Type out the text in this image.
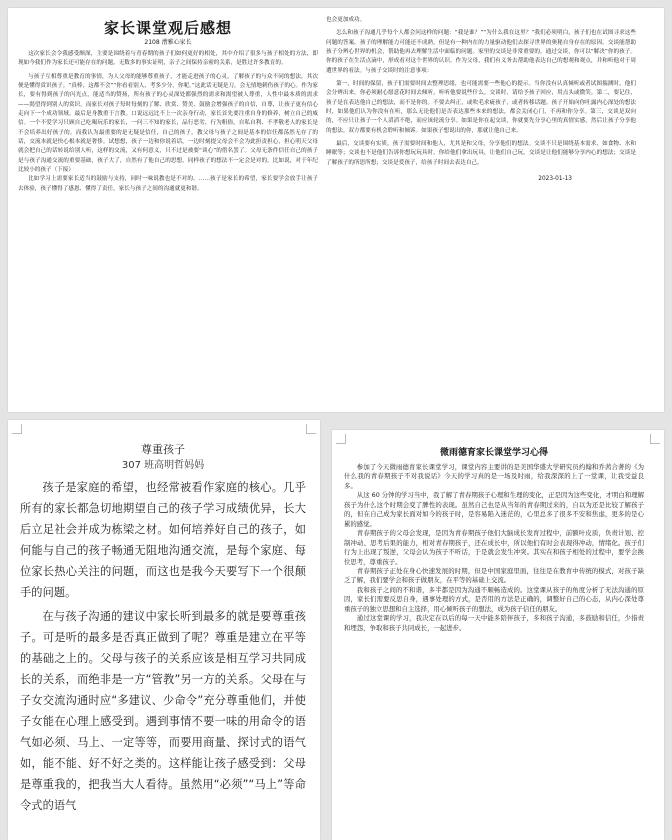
家长课堂观后感想
2108 漕雅心家长

这次家长会令我感受颇深，主要是围绕着与青春期的孩子们如何更好的相处，其中介绍了很多与孩子相处的方法，即现如今我们作为家长还可能存在的问题。无数多的事实证明，亲子之间保持亲密的关系，是胜过许多教育的。

与孩子互相尊重是教育的事情，为人父母的能够尊重孩子，才能走进孩子的心灵，了解孩子的与众不同的想法。其次便是懂得赏识孩子。“真棒，这都不会”“你看看别人，考多少分，你呢。”这此话无疑是刀，会无情地刺伤孩子的心。作为家长，要有得到孩子的闪光点，能适当的赞扬，所有孩子的心灵深处都强烈的需求和渴望被人尊重，人性中最本质的需求——渴望得到别人的赏识。而家长对孩子每时每刻的了解、欣赏、赞美、鼓励会增强孩子的自信，自尊，让孩子更有信心走向下一个成功领域。最后是身教重于言教。口说远远比不上一次亲身行动，家长首先要注重自身的修养，树立自己的威信。一个不爱学习只顾自己吃喝玩乐的家长，一问三不知的家长，品行恶劣，行为粗俗，自私自利、不孝敬老人的家长是不会培养出好孩子的。而我认为最重要的是无疑是信任，自己的孩子，教父母与孩子之间是基本的信任都荡然无存了的话，交流本就是快心根本就是奢侈。试想想，孩子一边和你说着话，一边时刻提父母会不会为此担责担心，担心明天父母就会把自己的话转说给别人听，这样的交流，又有何意义，只不过是被要“谈心”的借名罢了。父母无条件信任自己的孩子是与孩子沟通交流的重要基础，孩子大了，自然有了他自己的思想，同样孩子的想法不一定会是对的，比如说，对于年纪比较小的孩子（下接）

比如学习上需要家长适当的鼓励与支持，同时一味说教也是不对的。……孩子是家长的希望，家长要学会放手让孩子去体验，孩子懂得了感恩、懂得了责任，家长与孩子之间的沟通就更和谐。

也会更加成功。

怎么和孩子沟通几乎每个人都会问这样的问题：“我是谁？”“为什么我在这里？”我们必须明白，孩子们也在试图寻求这些问题的答案。孩子的理解能力可能还不成熟，但是有一种内在的力量驱动他们去探寻世界的奥秘自身存在的原因。交谈能帮助孩子分辨心世界的机会，帮助他再去理解生活中面临的问题。家里的交谈是非常重要的。通过交谈，你可以“解决”你的孩子。你的孩子在生活点滴中，形成看对这个世界的认识。作为父母，我们有义务去帮助他表达自己的想观和观点，并和听他对于周遭世界的看法。与孩子交谈时的注意事项：

第一，时间的保留，孩子们需要时间去整理思绪，也可能需要一些他心的提示。当你没有认真倾听或者试图揣测时，他们会分辨出来。你必须耐心愿意花时间去倾听，听听他要说些什么。交谈时，请给予孩子回应，用点头或微笑。第二，要记住，孩子是在表达他自己的想法，而不是你的。不要去纠正，或吹毛求疵孩子，或者转移话题。孩子开始向你吐露内心深处的想法时，如果他们认为你没有在听，那么无论他们是否表达那些本来的想法，都会关闭心门，不再和你分享。第三，交谈是双向的，不应只让孩子一个人滔滔不绝，而应该轮流分享。如果是你在起交谈，你就要先分享心里的真情实感，然后让孩子分享他的想法。双方都要有机会聆听和倾诉。如果孩子想说出的你，那就让他自己来。

最后，交谈要有实质。孩子需要时间和他人，尤其是和父母，分享他们的想法。交谈不只是围绕基本需求，如食物、水和睡眠等；交谈也不是他们告诉你想玩玩具时，你给他们拿出玩具，让他们自己玩。交谈是让他们能够分享内心的想法；交谈是了解孩子的所思所想；交谈是爱孩子，给孩子时间去表达自己。

2023-01-13
尊重孩子
307 班高明哲妈妈

孩子是家庭的希望，也经常被看作家庭的核心。几乎所有的家长都急切地期望自己的孩子学习成绩优异，长大后立足社会并成为栋梁之材。如何培养好自己的孩子，如何能与自己的孩子畅通无阻地沟通交流，是每个家庭、每位家长热心关注的问题，而这也是我今天要写下一个很颠手的问题。

在与孩子沟通的建议中家长听到最多的就是要尊重孩子。可是听的最多是否真正做到了呢？尊重是建立在平等的基础之上的。父母与孩子的关系应该是相互学习共同成长的关系，而绝非是一方“管教”另一方的关系。父母在与子女交流沟通时应“多建议、少命令”充分尊重他们，并使子女能在心理上感受到。遇到事情不要一味的用命令的语气如必须、马上、一定等等，而要用商量、探讨式的语气如，能不能、好不好之类的。这样能让孩子感受到：父母是尊重我的，把我当大人看待。虽然用“必须”“马上”等命令式的语气

微雨德育家长课堂学习心得

参加了今天微雨德育家长课堂学习，课堂内容主要讲的是美国华盛大学研究员约翰和乔茜合著的《为什么我的青春期孩子不对我说话》今天的学习真的是一场及时雨，给我深深的上了一堂课，让我受益良多。

从这 60 分钟的学习当中，我了解了青春期孩子心理和生理的变化，正是因为这些变化，才明白和理解孩子为什么这个时期会变了脾性的表现。虽然自己也是从当年的青春期过来的，自以为还是比较了解孩子的，但在自己成为家长面对如今的孩子时，是容易陷入迷茫的，心里总多了很多不安和焦虑，更多的是心累的感觉。

青春期孩子的父母会发现，是因为青春期孩子他们大脑成长发育过程中，前额叶皮质，负责计划、控制冲动、思考后果的能力，相对青春期孩子，还在成长中，所以他们有时会表现得冲动，情绪化。孩子们行为上出现了叛逆，父母会认为孩子不听话，于是就会发生冲突。其实在和孩子相处的过程中，要学会换位思考，尊重孩子。

青春期孩子正处在身心快速发展的时期，但是中国家庭里面，往往是在教育中传统的模式，对孩子缺乏了解，我们要学会和孩子做朋友，在平等的基础上交流。

我和孩子之间的不和谐，多半都是因为沟通不顺畅造成的。这堂课从孩子的角度分析了无法沟通的原因，家长们需要反思自身，遇事处理的方式，是否用的方法是正确的，调整好自己的心态，从内心深处尊重孩子的独立思想和自主选择，用心倾听孩子的想法，成为孩子信任的朋友。

通过这堂课的学习，我决定在以后的每一天中能多陪伴孩子，多和孩子沟通，多鼓励和信任，少指责和埋怨，争取和孩子共同成长，一起进步。
